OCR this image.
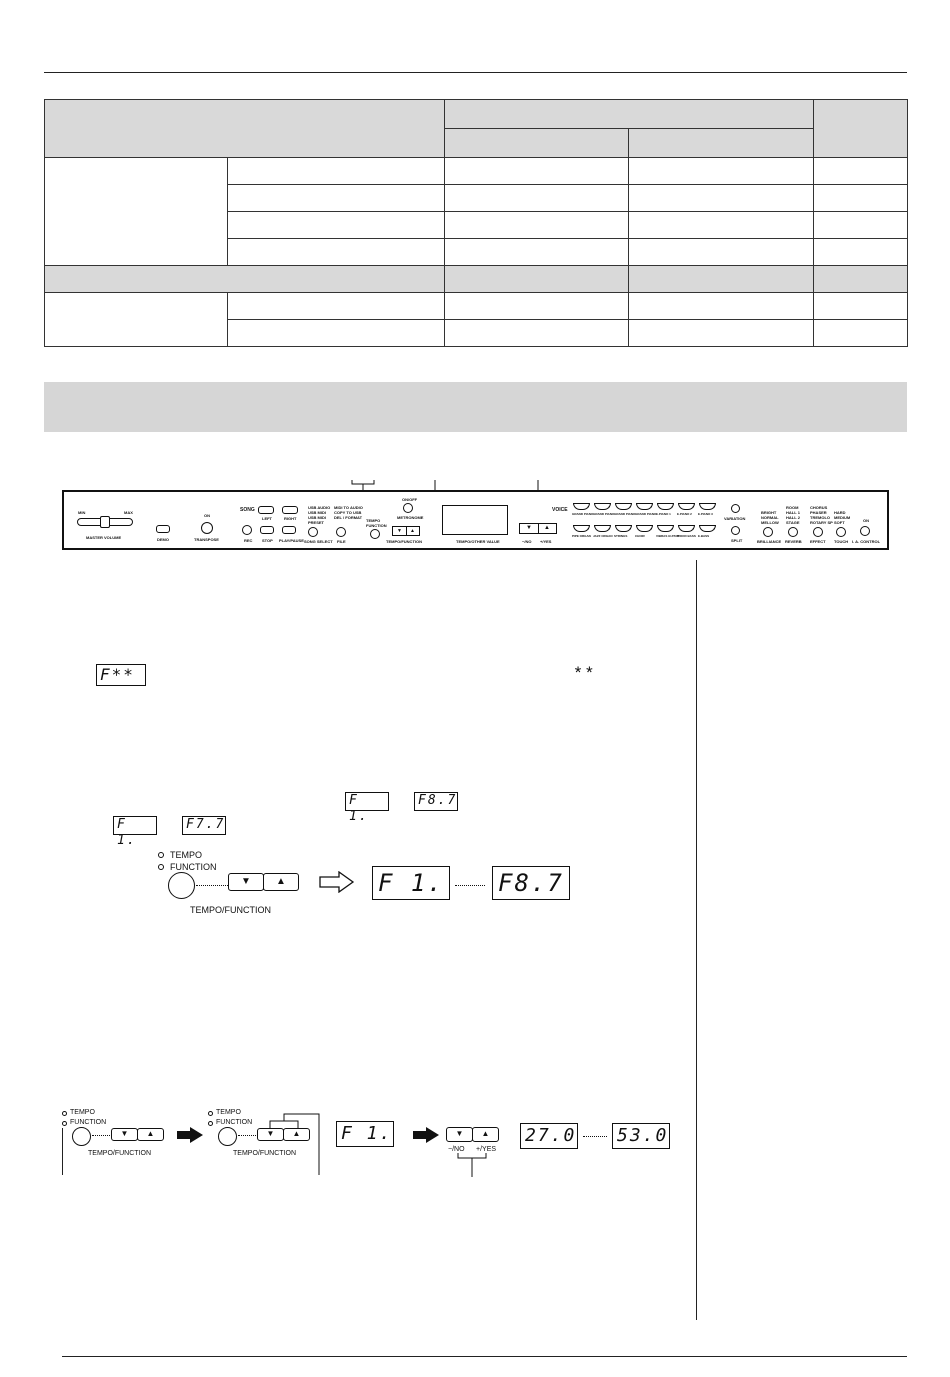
MIN	MAX
MASTER VOLUME	DEMO
ON
TRANSPOSE
SONG
LEFT	RIGHT
REC STOP PLAY/PAUSE
USB AUDIO
USB MIDI
USB MIDI
PRESET
SONG SELECT
MIDI TO AUDIO
COPY TO USB
DEL / FORMAT
FILE
TEMPO
FUNCTION
ON/OFF
METRONOME
▼ ▲
TEMPO/FUNCTION	TEMPO/OTHER VALUE
▼ ▲
−/NO +/YES
VOICE
GRAND PIANO GRAND PIANO GRAND PIANO GRAND PIANO E.PIANO 1 E.PIANO 2 E.PIANO 3
PIPE ORGAN JAZZ ORGAN STRINGS	CHOIR	VIBRAS GUITAR
WOOD BASS E.BASS
VARIATION
SPLIT
BRIGHT
NORMAL
MELLOW
BRILLIANCE
ROOM
HALL 1
HALL 2
STAGE
REVERB
CHORUS
PHASER
TREMOLO
ROTARY SP
EFFECT
HARD
MEDIUM
SOFT
TOUCH
ON
I. A. CONTROL
F**	* *
F 1.
F8.7
F 1.
F7.7
TEMPO
FUNCTION
▼	▲
TEMPO/FUNCTION
F 1. F8.7
TEMPO
FUNCTION
▼	▲
TEMPO/FUNCTION
TEMPO
FUNCTION
▼	▲
TEMPO/FUNCTION
F 1.	▼	▲
−/NO +/YES
27.0 53.0
